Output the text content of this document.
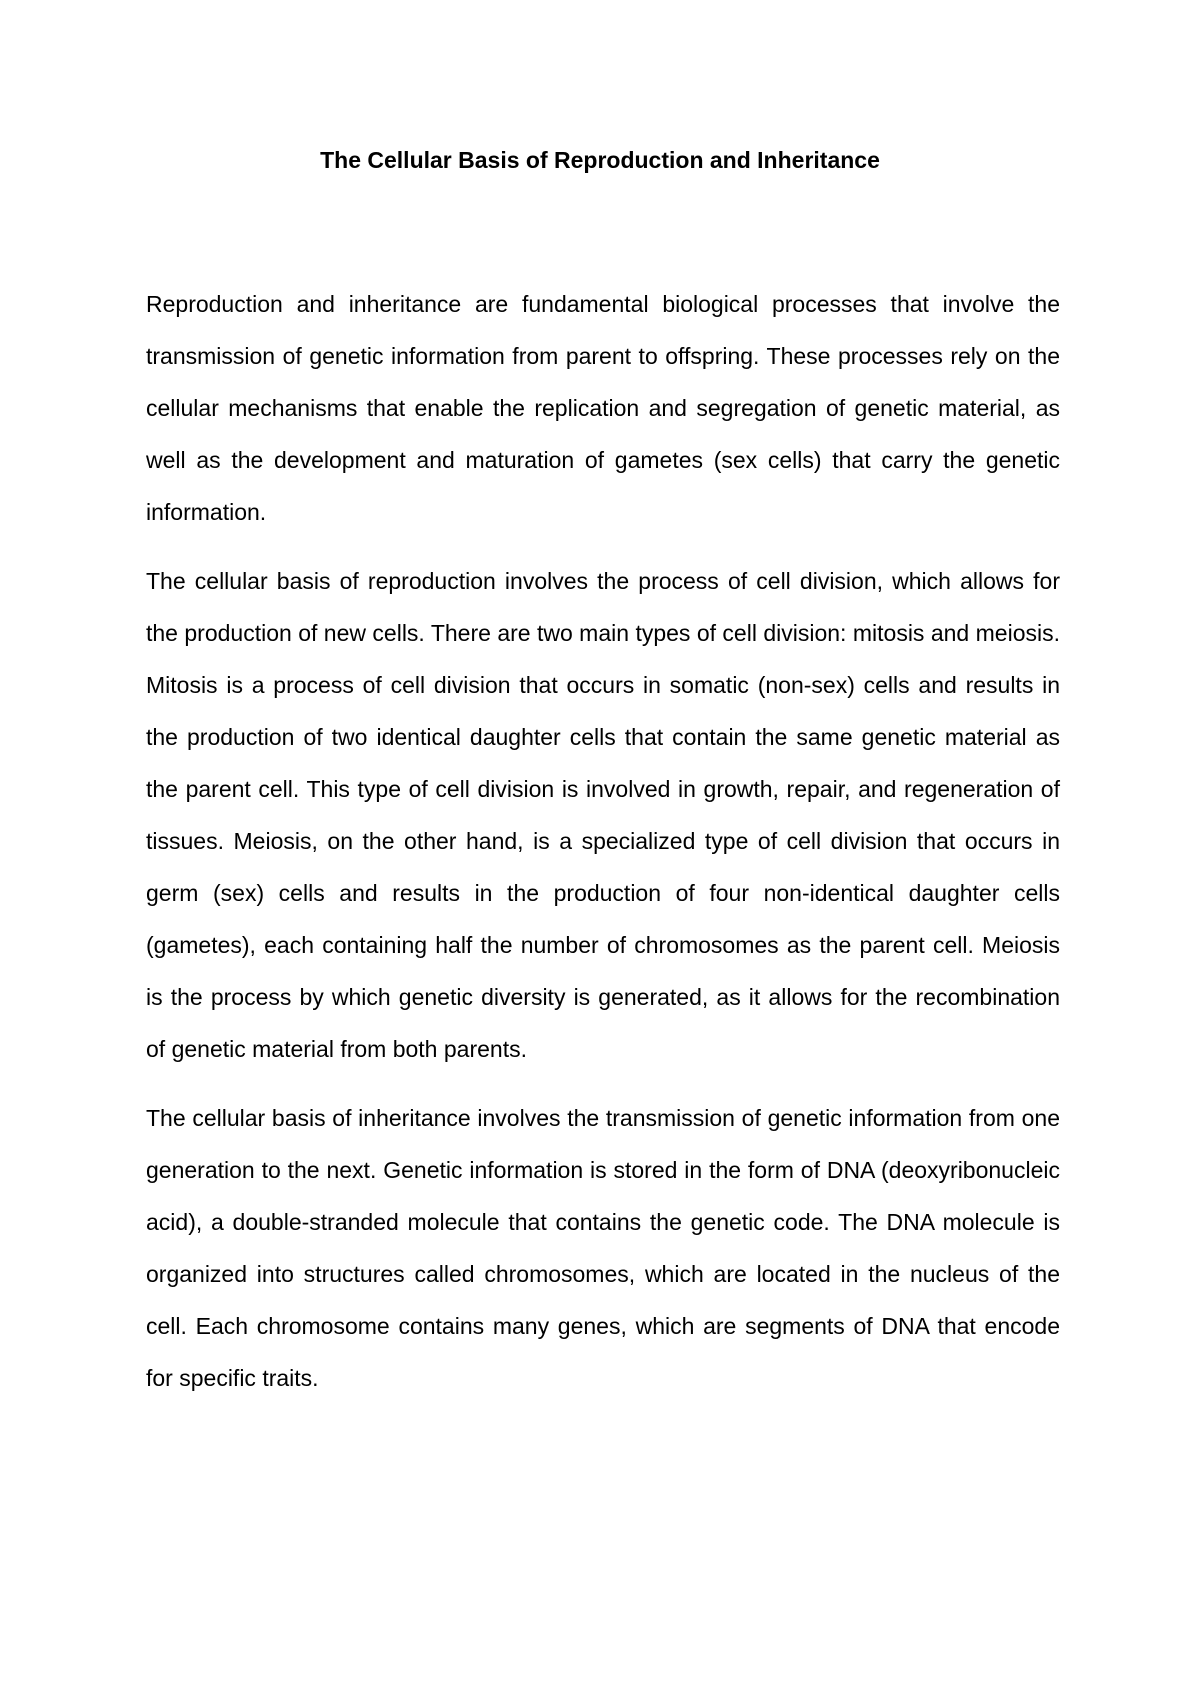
The Cellular Basis of Reproduction and Inheritance

Reproduction and inheritance are fundamental biological processes that involve the transmission of genetic information from parent to offspring. These processes rely on the cellular mechanisms that enable the replication and segregation of genetic material, as well as the development and maturation of gametes (sex cells) that carry the genetic information.

The cellular basis of reproduction involves the process of cell division, which allows for the production of new cells. There are two main types of cell division: mitosis and meiosis. Mitosis is a process of cell division that occurs in somatic (non-sex) cells and results in the production of two identical daughter cells that contain the same genetic material as the parent cell. This type of cell division is involved in growth, repair, and regeneration of tissues. Meiosis, on the other hand, is a specialized type of cell division that occurs in germ (sex) cells and results in the production of four non-identical daughter cells (gametes), each containing half the number of chromosomes as the parent cell. Meiosis is the process by which genetic diversity is generated, as it allows for the recombination of genetic material from both parents.

The cellular basis of inheritance involves the transmission of genetic information from one generation to the next. Genetic information is stored in the form of DNA (deoxyribonucleic acid), a double-stranded molecule that contains the genetic code. The DNA molecule is organized into structures called chromosomes, which are located in the nucleus of the cell. Each chromosome contains many genes, which are segments of DNA that encode for specific traits.
